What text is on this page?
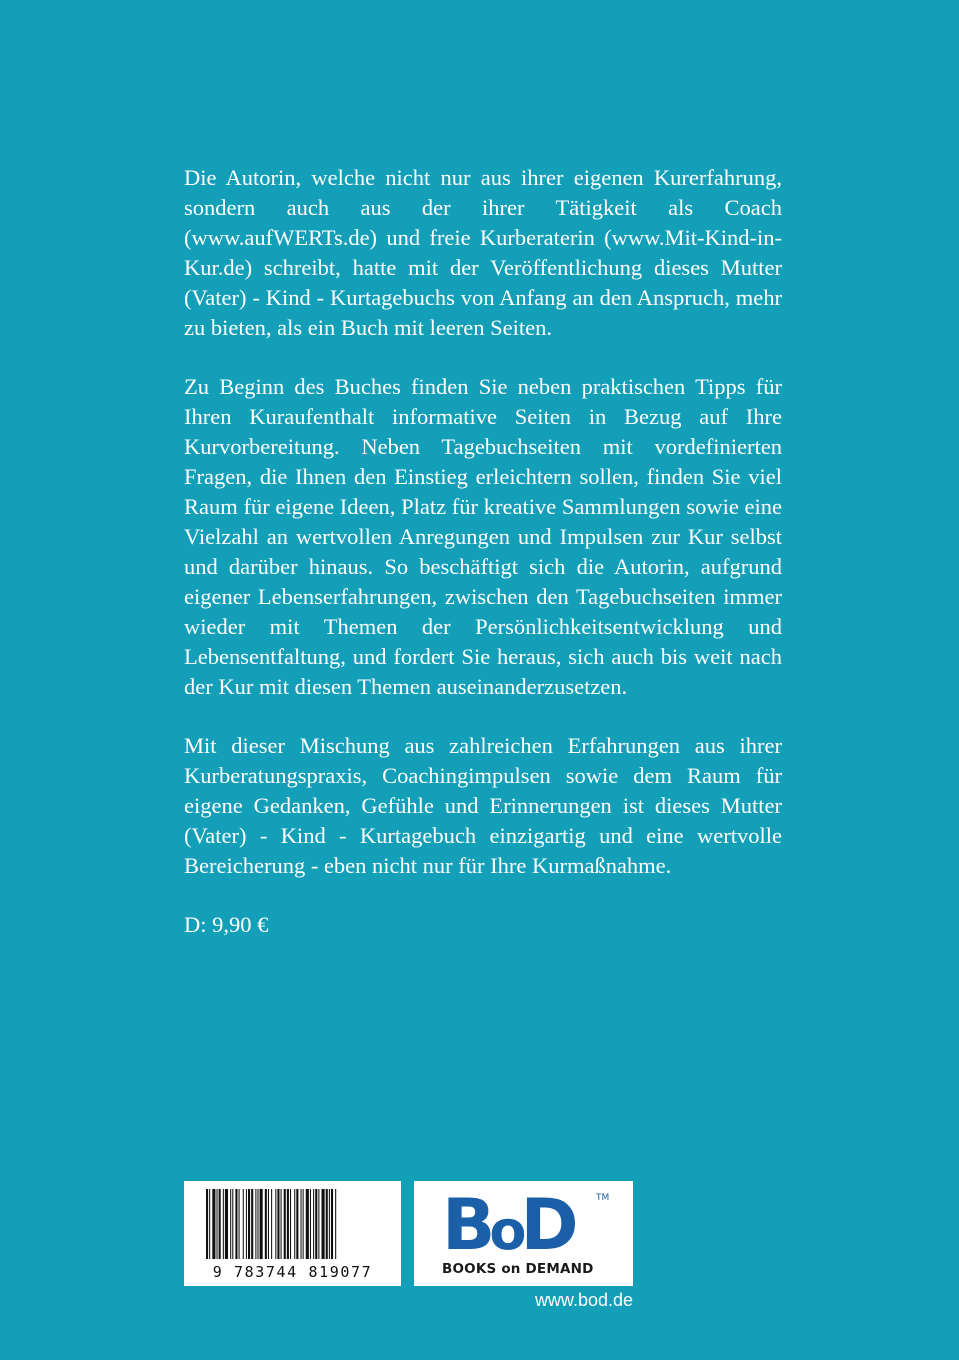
Die Autorin, welche nicht nur aus ihrer eigenen Kurerfahrung, sondern auch aus der ihrer Tätigkeit als Coach (www.aufWERTs.de) und freie Kurberaterin (www.Mit-Kind-in-Kur.de) schreibt, hatte mit der Veröffentlichung dieses Mutter (Vater) - Kind - Kurtagebuchs von Anfang an den Anspruch, mehr zu bieten, als ein Buch mit leeren Seiten.

Zu Beginn des Buches finden Sie neben praktischen Tipps für Ihren Kuraufenthalt informative Seiten in Bezug auf Ihre Kurvorbereitung. Neben Tagebuchseiten mit vordefinierten Fragen, die Ihnen den Einstieg erleichtern sollen, finden Sie viel Raum für eigene Ideen, Platz für kreative Sammlungen sowie eine Vielzahl an wertvollen Anregungen und Impulsen zur Kur selbst und darüber hinaus. So beschäftigt sich die Autorin, aufgrund eigener Lebenserfahrungen, zwischen den Tagebuchseiten immer wieder mit Themen der Persönlichkeitsentwicklung und Lebensentfaltung, und fordert Sie heraus, sich auch bis weit nach der Kur mit diesen Themen auseinanderzusetzen.

Mit dieser Mischung aus zahlreichen Erfahrungen aus ihrer Kurberatungspraxis, Coachingimpulsen sowie dem Raum für eigene Gedanken, Gefühle und Erinnerungen ist dieses Mutter (Vater) - Kind - Kurtagebuch einzigartig und eine wertvolle Bereicherung - eben nicht nur für Ihre Kurmaßnahme.

D: 9,90 €

9 783744 819077
BoD	TM
BOOKS on DEMAND
www.bod.de
